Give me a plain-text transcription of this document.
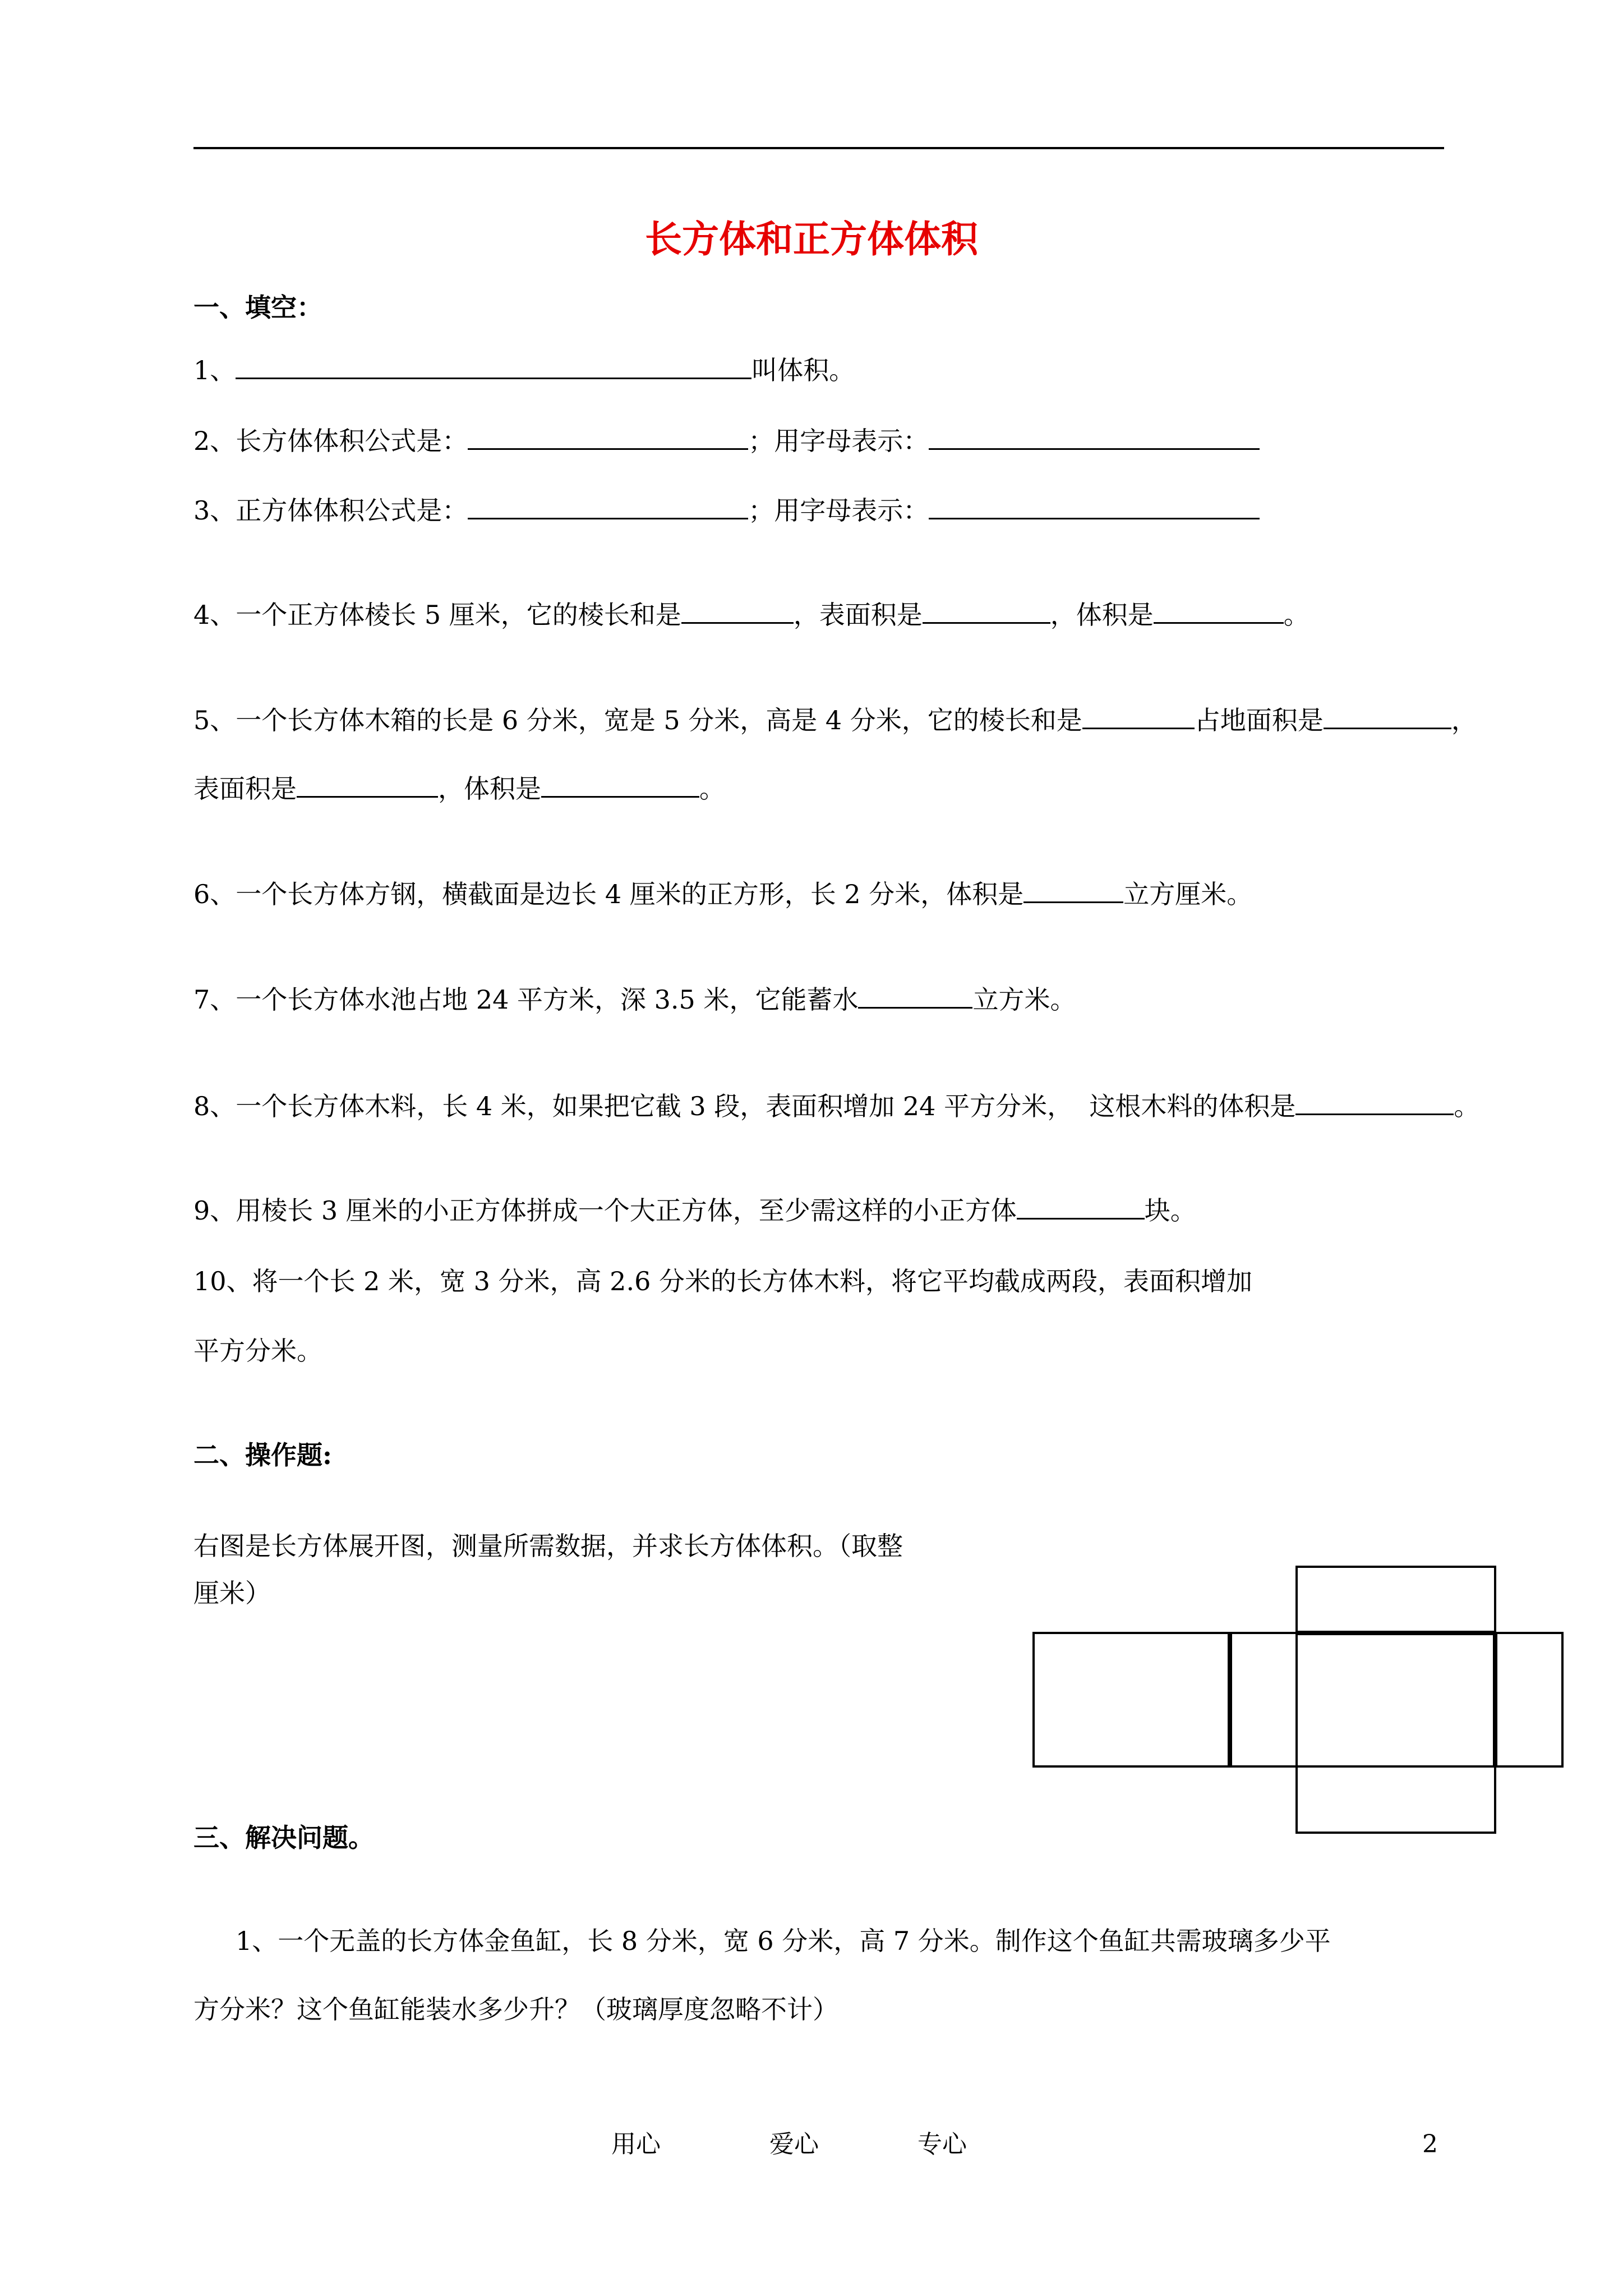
长方体和正方体体积
一、填空：
1、	叫体积。
2、长方体体积公式是：	；用字母表示：
3、正方体体积公式是：	；用字母表示：
4、一个正方体棱长 5 厘米，它的棱长和是	，表面积是	，体积是	。
5、一个长方体木箱的长是 6 分米，宽是 5 分米，高是 4 分米，它的棱长和是	占地面积是	，
表面积是	，体积是	。
6、一个长方体方钢，横截面是边长 4 厘米的正方形，长 2 分米，体积是	立方厘米。
7、一个长方体水池占地 24 平方米，深 3.5 米，它能蓄水	立方米。
8、一个长方体木料，长 4 米，如果把它截 3 段，表面积增加 24 平方分米， 这根木料的体积是	。
9、用棱长 3 厘米的小正方体拼成一个大正方体，至少需这样的小正方体	块。
10、将一个长 2 米，宽 3 分米，高 2.6 分米的长方体木料，将它平均截成两段，表面积增加
平方分米。
二、操作题:
右图是长方体展开图，测量所需数据，并求长方体体积。（取整
厘米）
三、解决问题。
1、一个无盖的长方体金鱼缸，长 8 分米，宽 6 分米，高 7 分米。制作这个鱼缸共需玻璃多少平
方分米？这个鱼缸能装水多少升？（玻璃厚度忽略不计）
用心	爱心	专心	2
